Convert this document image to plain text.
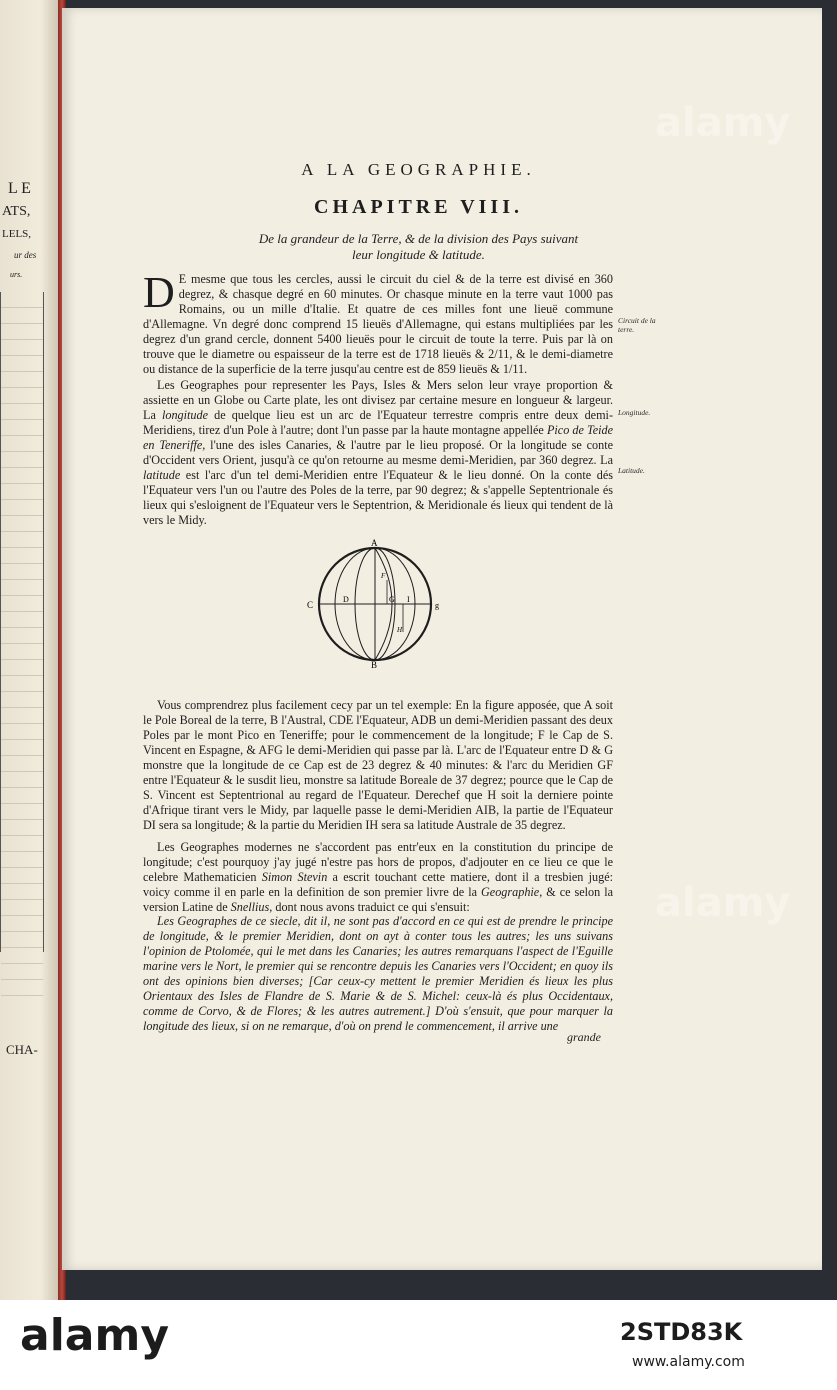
L E
ATS,
LELS,
ur des
urs.
CHA-
A LA GEOGRAPHIE.
CHAPITRE VIII.
De la grandeur de la Terre, & de la division des Pays suivant
leur longitude & latitude.
D E mesme que tous les cercles, aussi le circuit du ciel & de la terre est divisé en 360 degrez, & chasque degré en 60 minutes. Or chasque minute en la terre vaut 1000 pas Romains, ou un mille d'Italie. Et quatre de ces milles font une lieuë commune d'Allemagne. Vn degré donc comprend 15 lieuës d'Allemagne, qui estans multipliées par les degrez d'un grand cercle, donnent 5400 lieuës pour le circuit de toute la terre. Puis par là on trouve que le diametre ou espaisseur de la terre est de 1718 lieuës & 2/11, & le demi-diametre ou distance de la superficie de la terre jusqu'au centre est de 859 lieuës & 1/11.
Les Geographes pour representer les Pays, Isles & Mers selon leur vraye proportion & assiette en un Globe ou Carte plate, les ont divisez par certaine mesure en longueur & largeur. La longitude de quelque lieu est un arc de l'Equateur terrestre compris entre deux demi-Meridiens, tirez d'un Pole à l'autre; dont l'un passe par la haute montagne appellée Pico de Teide en Teneriffe, l'une des isles Canaries, & l'autre par le lieu proposé. Or la longitude se conte d'Occident vers Orient, jusqu'à ce qu'on retourne au mesme demi-Meridien, par 360 degrez. La latitude est l'arc d'un tel demi-Meridien entre l'Equateur & le lieu donné. On la conte dés l'Equateur vers l'un ou l'autre des Poles de la terre, par 90 degrez; & s'appelle Septentrionale és lieux qui s'esloignent de l'Equateur vers le Septentrion, & Meridionale és lieux qui tendent de là vers le Midy.
Circuit de la terre.
Longitude.
Latitude.
A
B
C
D
g
F
G
H
I
Vous comprendrez plus facilement cecy par un tel exemple: En la figure apposée, que A soit le Pole Boreal de la terre, B l'Austral, CDE l'Equateur, ADB un demi-Meridien passant des deux Poles par le mont Pico en Teneriffe; pour le commencement de la longitude; F le Cap de S. Vincent en Espagne, & AFG le demi-Meridien qui passe par là. L'arc de l'Equateur entre D & G monstre que la longitude de ce Cap est de 23 degrez & 40 minutes: & l'arc du Meridien GF entre l'Equateur & le susdit lieu, monstre sa latitude Boreale de 37 degrez; pource que le Cap de S. Vincent est Septentrional au regard de l'Equateur. Derechef que H soit la derniere pointe d'Afrique tirant vers le Midy, par laquelle passe le demi-Meridien AIB, la partie de l'Equateur DI sera sa longitude; & la partie du Meridien IH sera sa latitude Australe de 35 degrez.
Les Geographes modernes ne s'accordent pas entr'eux en la constitution du principe de longitude; c'est pourquoy j'ay jugé n'estre pas hors de propos, d'adjouter en ce lieu ce que le celebre Mathematicien Simon Stevin a escrit touchant cette matiere, dont il a tresbien jugé: voicy comme il en parle en la definition de son premier livre de la Geographie, & ce selon la version Latine de Snellius, dont nous avons traduict ce qui s'ensuit:
Les Geographes de ce siecle, dit il, ne sont pas d'accord en ce qui est de prendre le principe de longitude, & le premier Meridien, dont on ayt à conter tous les autres; les uns suivans l'opinion de Ptolomée, qui le met dans les Canaries; les autres remarquans l'aspect de l'Eguille marine vers le Nort, le premier qui se rencontre depuis les Canaries vers l'Occident; en quoy ils ont des opinions bien diverses; [Car ceux-cy mettent le premier Meridien és lieux les plus Orientaux des Isles de Flandre de S. Marie & de S. Michel: ceux-là és plus Occidentaux, comme de Corvo, & de Flores; & les autres autrement.] D'où s'ensuit, que pour marquer la longitude des lieux, si on ne remarque, d'où on prend le commencement, il arrive une
grande
alamy
alamy
alamy	2STD83K
www.alamy.com
